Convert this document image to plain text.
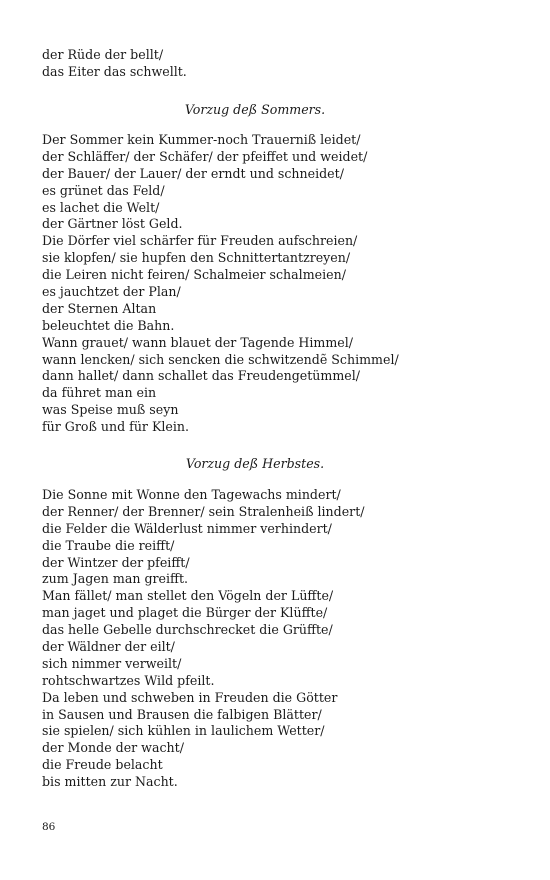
der Rüde der bellt/
das Eiter das schwellt.
Vorzug deß Sommers.
Der Sommer kein Kummer-noch Trauerniß leidet/
der Schläffer/ der Schäfer/ der pfeiffet und weidet/
der Bauer/ der Lauer/ der erndt und schneidet/
es grünet das Feld/
es lachet die Welt/
der Gärtner löst Geld.
Die Dörfer viel schärfer für Freuden aufschreien/
sie klopfen/ sie hupfen den Schnittertantzreyen/
die Leiren nicht feiren/ Schalmeier schalmeien/
es jauchtzet der Plan/
der Sternen Altan
beleuchtet die Bahn.
Wann grauet/ wann blauet der Tagende Himmel/
wann lencken/ sich sencken die schwitzendẽ Schimmel/
dann hallet/ dann schallet das Freudengetümmel/
da führet man ein
was Speise muß seyn
für Groß und für Klein.
Vorzug deß Herbstes.
Die Sonne mit Wonne den Tagewachs mindert/
der Renner/ der Brenner/ sein Stralenheiß lindert/
die Felder die Wälderlust nimmer verhindert/
die Traube die reifft/
der Wintzer der pfeifft/
zum Jagen man greifft.
Man fället/ man stellet den Vögeln der Lüffte/
man jaget und plaget die Bürger der Klüffte/
das helle Gebelle durchschrecket die Grüffte/
der Wäldner der eilt/
sich nimmer verweilt/
rohtschwartzes Wild pfeilt.
Da leben und schweben in Freuden die Götter
in Sausen und Brausen die falbigen Blätter/
sie spielen/ sich kühlen in laulichem Wetter/
der Monde der wacht/
die Freude belacht
bis mitten zur Nacht.
86
